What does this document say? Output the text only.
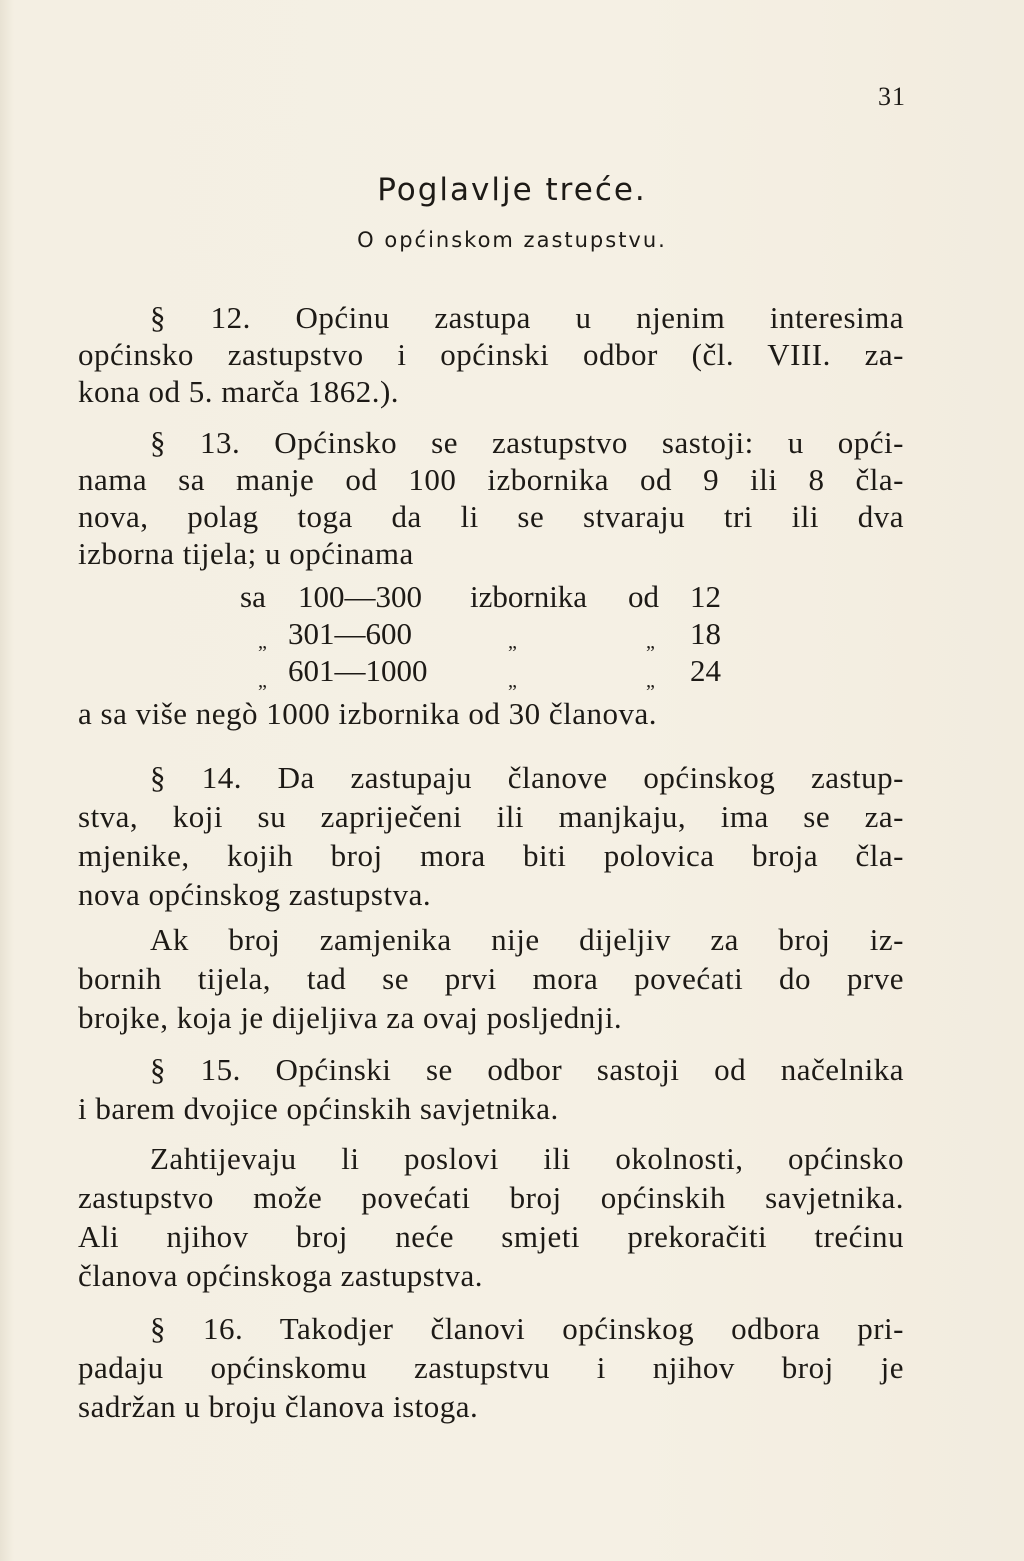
31
Poglavlje treće.
O općinskom zastupstvu.
§ 12. Općinu zastupa u njenim interesima
općinsko zastupstvo i općinski odbor (čl. VIII. za-
kona od 5. marča 1862.).
§ 13. Općinsko se zastupstvo sastoji: u opći-
nama sa manje od 100 izbornika od 9 ili 8 čla-
nova, polag toga da li se stvaraju tri ili dva
izborna tijela; u općinama
sa 100—300 izbornika od 12
„ 301—600	„	„ 18
„ 601—1000	„	„ 24
a sa više negò 1000 izbornika od 30 članova.
§ 14. Da zastupaju članove općinskog zastup-
stva, koji su zapriječeni ili manjkaju, ima se za-
mjenike, kojih broj mora biti polovica broja čla-
nova općinskog zastupstva.
Ak broj zamjenika nije dijeljiv za broj iz-
bornih tijela, tad se prvi mora povećati do prve
brojke, koja je dijeljiva za ovaj posljednji.
§ 15. Općinski se odbor sastoji od načelnika
i barem dvojice općinskih savjetnika.
Zahtijevaju li poslovi ili okolnosti, općinsko
zastupstvo može povećati broj općinskih savjetnika.
Ali njihov broj neće smjeti prekoračiti trećinu
članova općinskoga zastupstva.
§ 16. Takodjer članovi općinskog odbora pri-
padaju općinskomu zastupstvu i njihov broj je
sadržan u broju članova istoga.
